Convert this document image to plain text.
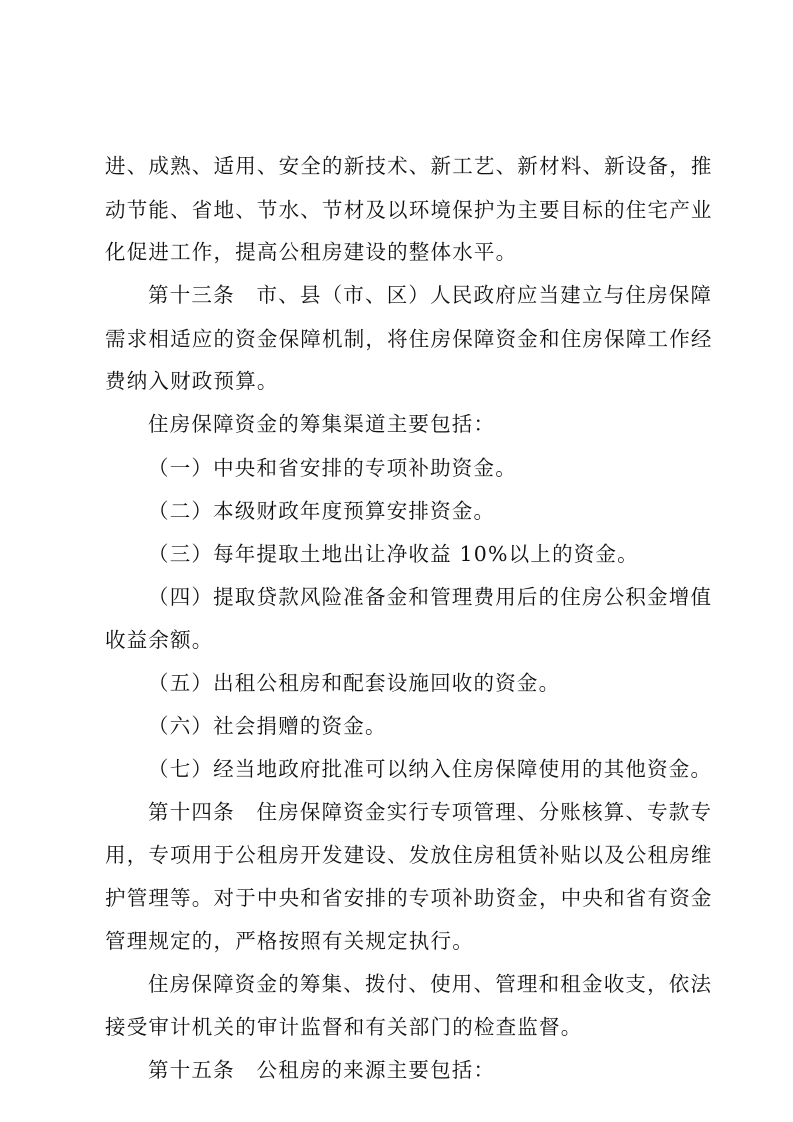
进、成熟、适用、安全的新技术、新工艺、新材料、新设备，推
动节能、省地、节水、节材及以环境保护为主要目标的住宅产业
化促进工作，提高公租房建设的整体水平。
第十三条　市、县（市、区）人民政府应当建立与住房保障
需求相适应的资金保障机制，将住房保障资金和住房保障工作经
费纳入财政预算。
住房保障资金的筹集渠道主要包括：
（一）中央和省安排的专项补助资金。
（二）本级财政年度预算安排资金。
（三）每年提取土地出让净收益 10%以上的资金。
（四）提取贷款风险准备金和管理费用后的住房公积金增值
收益余额。
（五）出租公租房和配套设施回收的资金。
（六）社会捐赠的资金。
（七）经当地政府批准可以纳入住房保障使用的其他资金。
第十四条　住房保障资金实行专项管理、分账核算、专款专
用，专项用于公租房开发建设、发放住房租赁补贴以及公租房维
护管理等。对于中央和省安排的专项补助资金，中央和省有资金
管理规定的，严格按照有关规定执行。
住房保障资金的筹集、拨付、使用、管理和租金收支，依法
接受审计机关的审计监督和有关部门的检查监督。
第十五条　公租房的来源主要包括：
